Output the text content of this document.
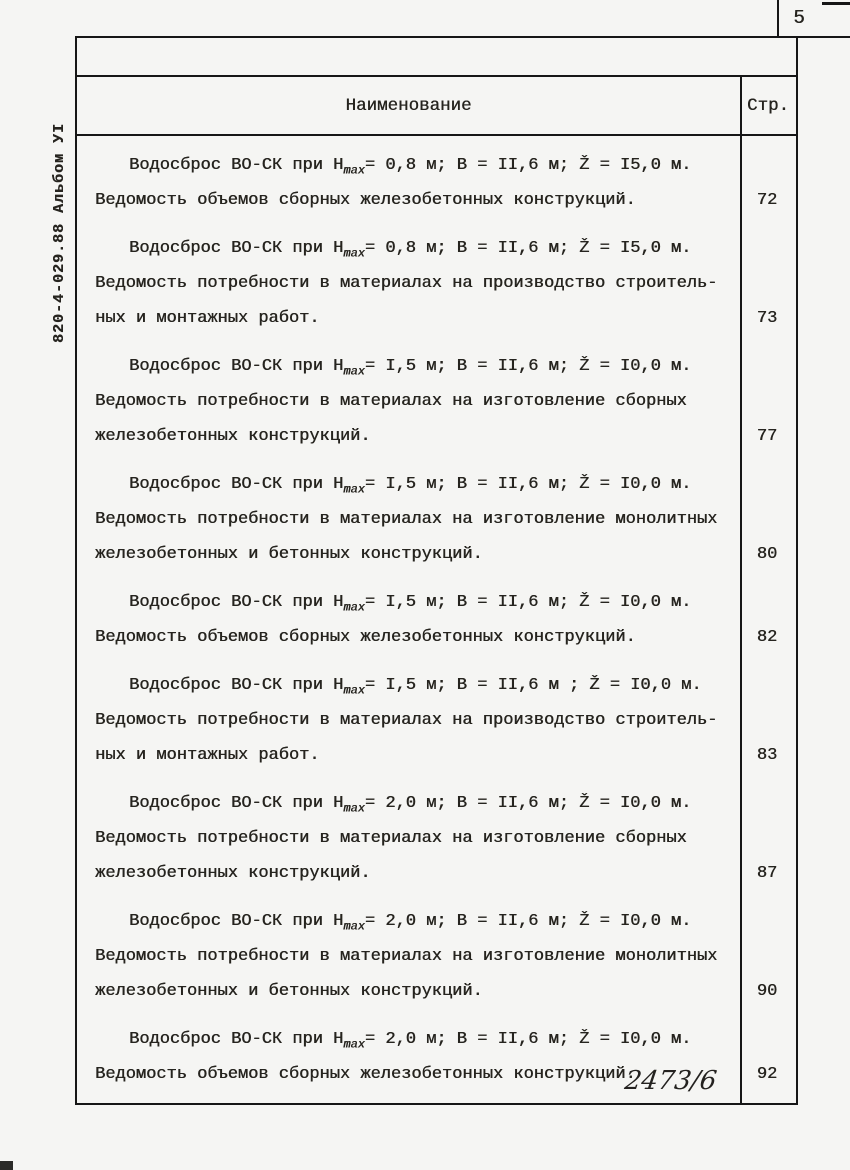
5
820-4-029.88 Альбом УI
Наименование	Стр.
Водосброс ВО-СК при $Н_{max}= 0,8$ м; В = II,6 м; Ž = I5,0 м.
Ведомость объемов сборных железобетонных конструкций.	72
Водосброс ВО-СК при $Н_{max}= 0,8$ м; В = II,6 м; Ž = I5,0 м.
Ведомость потребности в материалах на производство строитель-
ных и монтажных работ.	73
Водосброс ВО-СК при $Н_{max}= I,5$ м; В = II,6 м; Ž = I0,0 м.
Ведомость потребности в материалах на изготовление сборных
железобетонных конструкций.	77
Водосброс ВО-СК при $Н_{max}= I,5$ м; В = II,6 м; Ž = I0,0 м.
Ведомость потребности в материалах на изготовление монолитных
железобетонных и бетонных конструкций.	80
Водосброс ВО-СК при $Н_{max}= I,5$ м; В = II,6 м; Ž = I0,0 м.
Ведомость объемов сборных железобетонных конструкций.	82
Водосброс ВО-СК при $Н_{max}= I,5$ м; В = II,6 м ; Ž = I0,0 м.
Ведомость потребности в материалах на производство строитель-
ных и монтажных работ.	83
Водосброс ВО-СК при $Н_{max}= 2,0$ м; В = II,6 м; Ž = I0,0 м.
Ведомость потребности в материалах на изготовление сборных
железобетонных конструкций.	87
Водосброс ВО-СК при $Н_{max}= 2,0$ м; В = II,6 м; Ž = I0,0 м.
Ведомость потребности в материалах на изготовление монолитных
железобетонных и бетонных конструкций.	90
Водосброс ВО-СК при $Н_{max}= 2,0$ м; В = II,6 м; Ž = I0,0 м.
Ведомость объемов сборных железобетонных конструкций.	92
2473/6
